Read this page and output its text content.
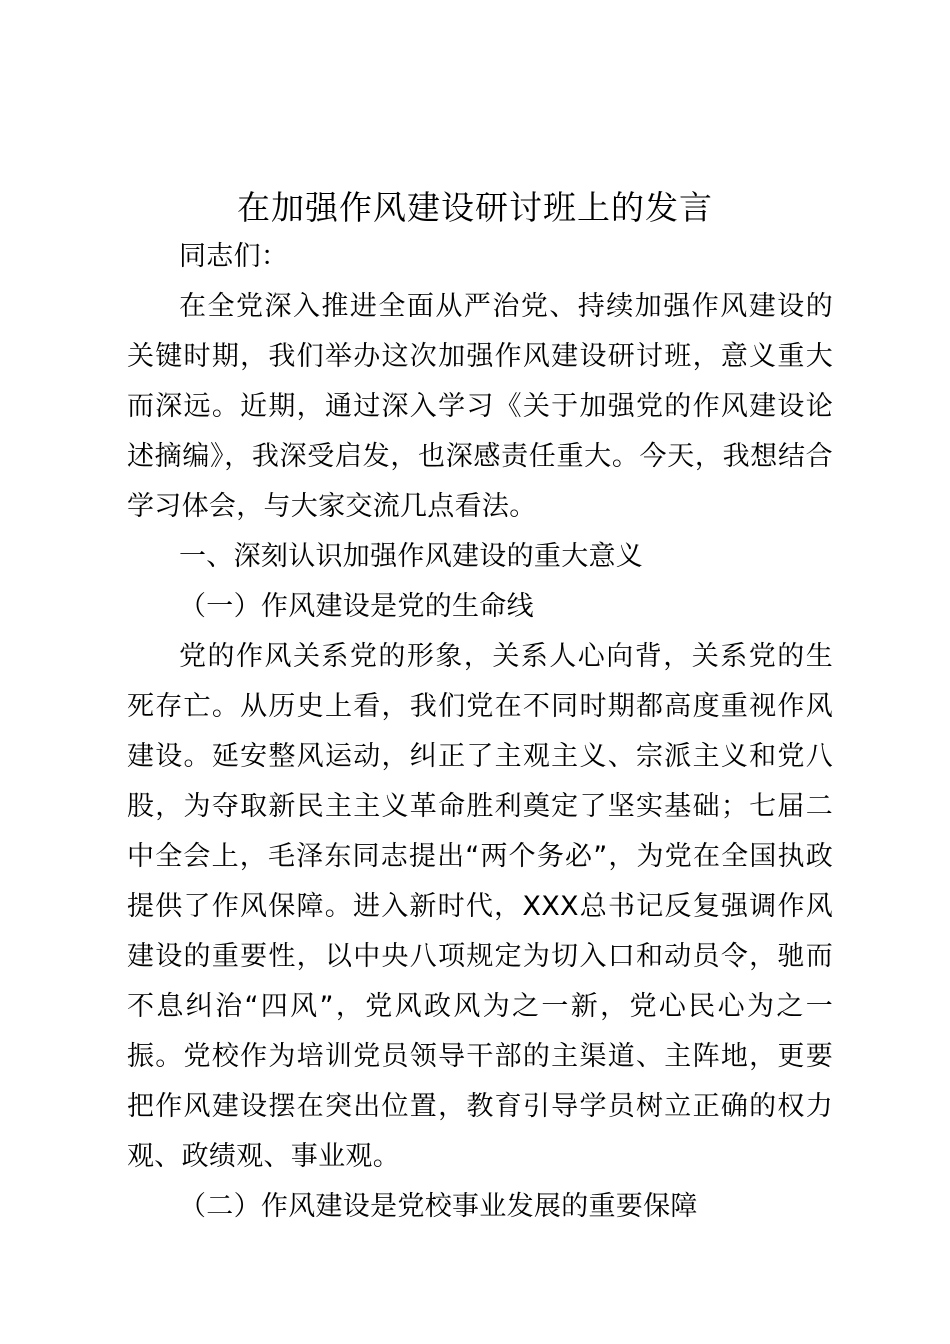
在加强作风建设研讨班上的发言

同志们：

在全党深入推进全面从严治党、持续加强作风建设的关键时期，我们举办这次加强作风建设研讨班，意义重大而深远。近期，通过深入学习《关于加强党的作风建设论述摘编》，我深受启发，也深感责任重大。今天，我想结合学习体会，与大家交流几点看法。

一、深刻认识加强作风建设的重大意义

（一）作风建设是党的生命线

党的作风关系党的形象，关系人心向背，关系党的生死存亡。从历史上看，我们党在不同时期都高度重视作风建设。延安整风运动，纠正了主观主义、宗派主义和党八股，为夺取新民主主义革命胜利奠定了坚实基础；七届二中全会上，毛泽东同志提出“两个务必”，为党在全国执政提供了作风保障。进入新时代，XXX总书记反复强调作风建设的重要性，以中央八项规定为切入口和动员令，驰而不息纠治“四风”，党风政风为之一新，党心民心为之一振。党校作为培训党员领导干部的主渠道、主阵地，更要把作风建设摆在突出位置，教育引导学员树立正确的权力观、政绩观、事业观。

（二）作风建设是党校事业发展的重要保障
